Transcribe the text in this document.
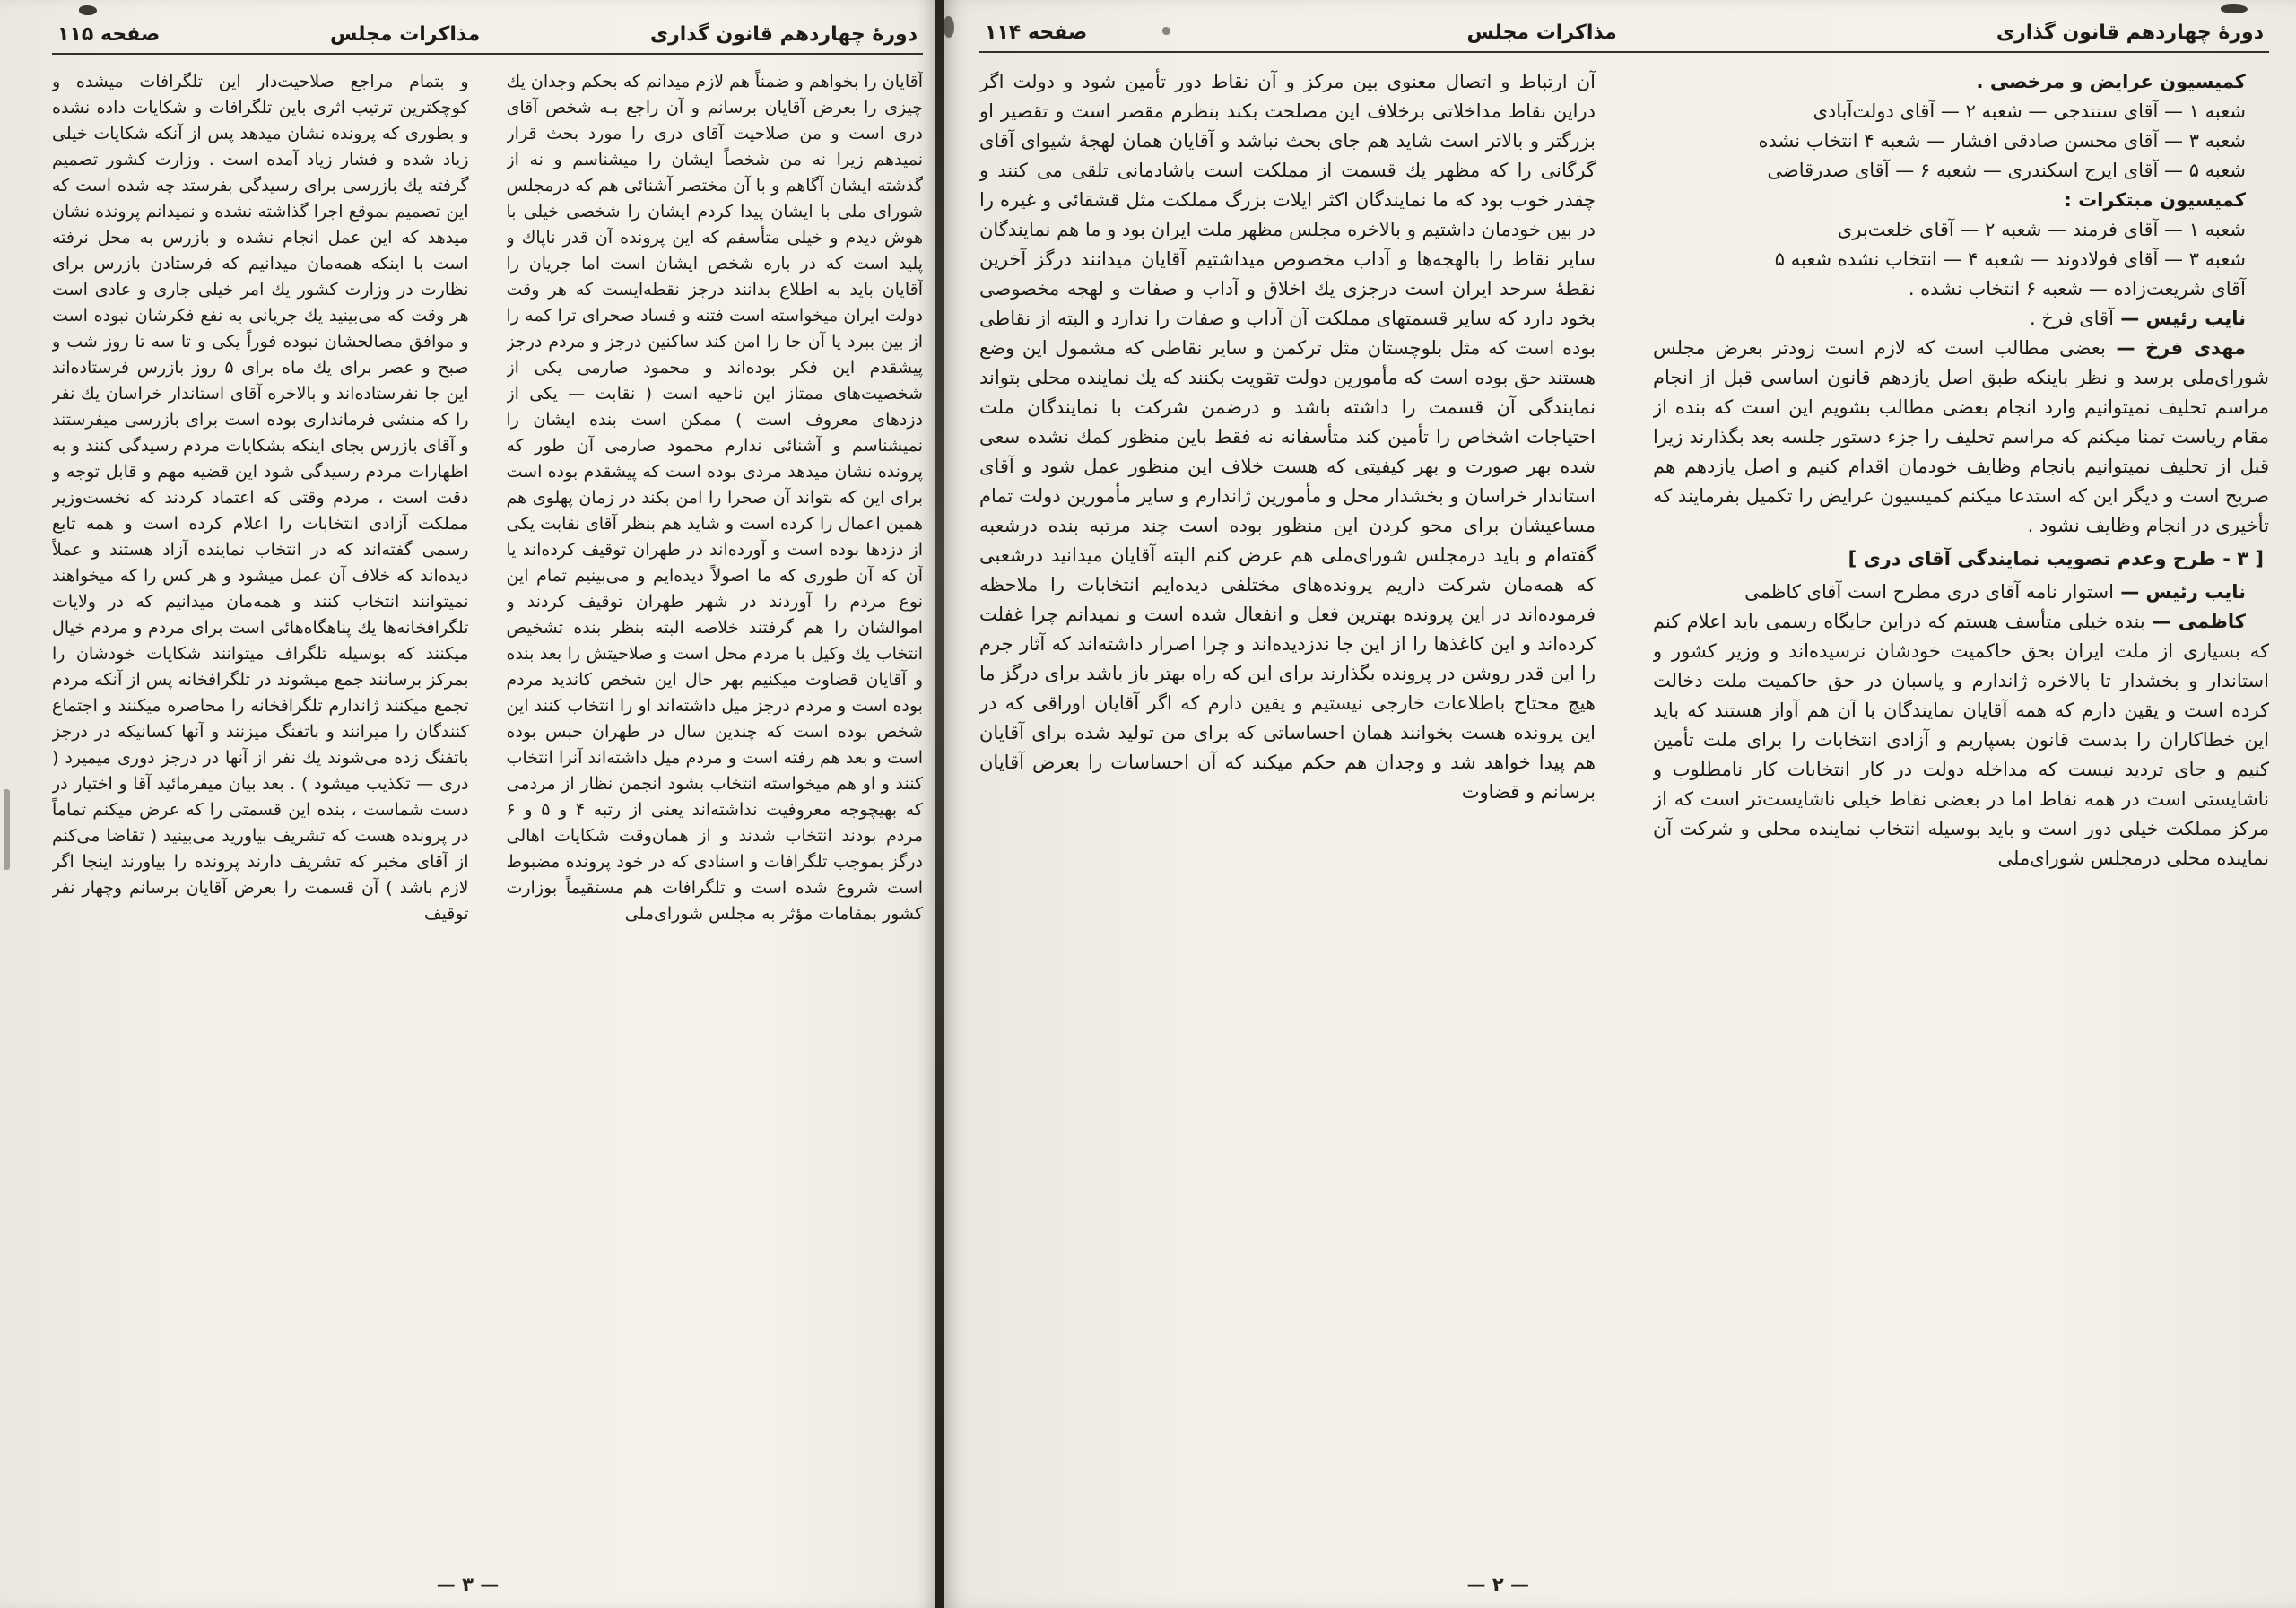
دورهٔ چهاردهم قانون گذاری
مذاکرات مجلس
صفحه ۱۱۵

آقایان را بخواهم و ضمناً هم لازم میدانم که بحکم وجدان یك چیزی را بعرض آقایان برسانم و آن راجع بـه شخص آقای دری است و من صلاحیت آقای دری را مورد بحث قرار نمیدهم زیرا نه من شخصاً ایشان را میشناسم و نه از گذشته ایشان آگاهم و با آن مختصر آشنائی هم که درمجلس شورای ملی با ایشان پیدا کردم ایشان را شخصی خیلی با هوش دیدم و خیلی متأسفم که این پرونده آن قدر ناپاك و پلید است که در باره شخص ایشان است اما جریان را آقایان باید به اطلاع بدانند درجز نقطه‌ایست که هر وقت دولت ایران میخواسته است فتنه و فساد صحرای ترا کمه را از بین ببرد یا آن جا را امن کند ساکنین درجز و مردم درجز پیشقدم این فکر بوده‌اند و محمود صارمی یکی از شخصیت‌های ممتاز این ناحیه است ( نقابت — یکی از دزدهای معروف است ) ممکن است بنده ایشان را نمیشناسم و آشنائی ندارم محمود صارمی آن طور که پرونده نشان میدهد مردی بوده است که پیشقدم بوده است برای این که بتواند آن صحرا را امن بکند در زمان پهلوی هم همین اعمال را کرده است و شاید هم بنظر آقای نقابت یکی از دزدها بوده است و آورده‌اند در طهران توقیف کرده‌اند یا آن که آن طوری که ما اصولاً دیده‌ایم و می‌بینیم تمام این نوع مردم را آوردند در شهر طهران توقیف کردند و اموالشان را هم گرفتند خلاصه البته بنظر بنده تشخیص انتخاب یك وکیل با مردم محل است و صلاحیتش را بعد بنده و آقایان قضاوت میکنیم بهر حال این شخص کاندید مردم بوده است و مردم درجز میل داشته‌اند او را انتخاب کنند این شخص بوده است که چندین سال در طهران حبس بوده است و بعد هم رفته است و مردم میل داشته‌اند آنرا انتخاب کنند و او هم میخواسته انتخاب بشود انجمن نظار از مردمی که بهیچوجه معروفیت نداشته‌اند یعنی از رتبه ۴ و ۵ و ۶ مردم بودند انتخاب شدند و از همان‌وقت شکایات اهالی درگز بموجب تلگرافات و اسنادی که در خود پرونده مضبوط است شروع شده است و تلگرافات هم مستقیماً بوزارت کشور بمقامات مؤثر به مجلس شورای‌ملی

و بتمام مراجع صلاحیت‌دار این تلگرافات میشده و کوچکترین ترتیب اثری باین تلگرافات و شکایات داده نشده و بطوری که پرونده نشان میدهد پس از آنکه شکایات خیلی زیاد شده و فشار زیاد آمده است . وزارت کشور تصمیم گرفته یك بازرسی برای رسیدگی بفرستد چه شده است که این تصمیم بموقع اجرا گذاشته نشده و نمیدانم پرونده نشان میدهد که این عمل انجام نشده و بازرس به محل نرفته است با اینکه همه‌مان میدانیم که فرستادن بازرس برای نظارت در وزارت کشور یك امر خیلی جاری و عادی است هر وقت که می‌بینید یك جریانی به نفع فکرشان نبوده است و موافق مصالحشان نبوده فوراً یکی و تا سه تا روز شب و صبح و عصر برای یك ماه برای ۵ روز بازرس فرستاده‌اند این جا نفرستاده‌اند و بالاخره آقای استاندار خراسان یك نفر را که منشی فرمانداری بوده است برای بازرسی میفرستند و آقای بازرس بجای اینکه بشکایات مردم رسیدگی کنند و به اظهارات مردم رسیدگی شود این قضیه مهم و قابل توجه و دقت است ، مردم وقتی که اعتماد کردند که نخست‌وزیر مملکت آزادی انتخابات را اعلام کرده است و همه تابع رسمی گفته‌اند که در انتخاب نماینده آزاد هستند و عملاً دیده‌اند که خلاف آن عمل میشود و هر کس را که میخواهند نمیتوانند انتخاب کنند و همه‌مان میدانیم که در ولایات تلگرافخانه‌ها یك پناهگاه‌هائی است برای مردم و مردم خیال میکنند که بوسیله تلگراف میتوانند شکایات خودشان را بمرکز برسانند جمع میشوند در تلگرافخانه پس از آنکه مردم تجمع میکنند ژاندارم تلگرافخانه را محاصره میکنند و اجتماع کنندگان را میرانند و باتفنگ میزنند و آنها کسانیکه در درجز باتفنگ زده می‌شوند یك نفر از آنها در درجز دوری میمیرد ( دری — تکذیب میشود ) . بعد بیان میفرمائید آقا و اختیار در دست شماست ، بنده این قسمتی را که عرض میکنم تماماً در پرونده هست که تشریف بیاورید می‌بینید ( تقاضا می‌کنم از آقای مخبر که تشریف دارند پرونده را بیاورند اینجا اگر لازم باشد ) آن قسمت را بعرض آقایان برسانم وچهار نفر توقیف

— ۳ —
دورهٔ چهاردهم قانون گذاری
مذاکرات مجلس
صفحه ۱۱۴

کمیسیون عرایض و مرخصی .

شعبه ۱ — آقای سنندجی — شعبه ۲ — آقای دولت‌آبادی

شعبه ۳ — آقای محسن صادقی افشار — شعبه ۴ انتخاب نشده

شعبه ۵ — آقای ایرج اسکندری — شعبه ۶ — آقای صدرقاضی

کمیسیون مبتکرات :

شعبه ۱ — آقای فرمند — شعبه ۲ — آقای خلعت‌بری

شعبه ۳ — آقای فولادوند — شعبه ۴ — انتخاب نشده شعبه ۵

آقای شریعت‌زاده — شعبه ۶ انتخاب نشده .

نایب رئیس — آقای فرخ .

مهدی فرخ — بعضی مطالب است که لازم است زودتر بعرض مجلس شورای‌ملی برسد و نظر باینکه طبق اصل یازدهم قانون اساسی قبل از انجام مراسم تحلیف نمیتوانیم وارد انجام بعضی مطالب بشویم این است که بنده از مقام ریاست تمنا میکنم که مراسم تحلیف را جزء دستور جلسه بعد بگذارند زیرا قبل از تحلیف نمیتوانیم بانجام وظایف خودمان اقدام کنیم و اصل یازدهم هم صریح است و دیگر این که استدعا میکنم کمیسیون عرایض را تکمیل بفرمایند که تأخیری در انجام وظایف نشود .

[ ۳ - طرح وعدم تصویب نمایندگی آقای دری ]

نایب رئیس — استوار نامه آقای دری مطرح است آقای کاظمی

کاظمی — بنده خیلی متأسف هستم که دراین جایگاه رسمی باید اعلام کنم که بسیاری از ملت ایران بحق حاکمیت خودشان نرسیده‌اند و وزیر کشور و استاندار و بخشدار تا بالاخره ژاندارم و پاسبان در حق حاکمیت ملت دخالت کرده است و یقین دارم که همه آقایان نمایندگان با آن هم آواز هستند که باید این خطاکاران را بدست قانون بسپاریم و آزادی انتخابات را برای ملت تأمین کنیم و جای تردید نیست که مداخله دولت در کار انتخابات کار نامطلوب و ناشایستی است در همه نقاط اما در بعضی نقاط خیلی ناشایست‌تر است که از مرکز مملکت خیلی دور است و باید بوسیله انتخاب نماینده محلی و شرکت آن نماینده محلی درمجلس شورای‌ملی

آن ارتباط و اتصال معنوی بین مرکز و آن نقاط دور تأمین شود و دولت اگر دراین نقاط مداخلاتی برخلاف این مصلحت بکند بنظرم مقصر است و تقصیر او بزرگتر و بالاتر است شاید هم جای بحث نباشد و آقایان همان لهجهٔ شیوای آقای گرگانی را که مظهر یك قسمت از مملکت است باشادمانی تلقی می کنند و چقدر خوب بود که ما نمایندگان اکثر ایلات بزرگ مملکت مثل قشقائی و غیره را در بین خودمان داشتیم و بالاخره مجلس مظهر ملت ایران بود و ما هم نمایندگان سایر نقاط را بالهجه‌ها و آداب مخصوص میداشتیم آقایان میدانند درگز آخرین نقطهٔ سرحد ایران است درجزی یك اخلاق و آداب و صفات و لهجه مخصوصی بخود دارد که سایر قسمتهای مملکت آن آداب و صفات را ندارد و البته از نقاطی بوده است که مثل بلوچستان مثل ترکمن و سایر نقاطی که مشمول این وضع هستند حق بوده است که مأمورین دولت تقویت بکنند که یك نماینده محلی بتواند نمایندگی آن قسمت را داشته باشد و درضمن شرکت با نمایندگان ملت احتیاجات اشخاص را تأمین کند متأسفانه نه فقط باین منظور کمك نشده سعی شده بهر صورت و بهر کیفیتی که هست خلاف این منظور عمل شود و آقای استاندار خراسان و بخشدار محل و مأمورین ژاندارم و سایر مأمورین دولت تمام مساعیشان برای محو کردن این منظور بوده است چند مرتبه بنده درشعبه گفته‌ام و باید درمجلس شورای‌ملی هم عرض کنم البته آقایان میدانید درشعبی که همه‌مان شرکت داریم پرونده‌های مختلفی دیده‌ایم انتخابات را ملاحظه فرموده‌اند در این پرونده بهترین فعل و انفعال شده است و نمیدانم چرا غفلت کرده‌اند و این کاغذها را از این جا ندزدیده‌اند و چرا اصرار داشته‌اند که آثار جرم را این قدر روشن در پرونده بگذارند برای این که راه بهتر باز باشد برای درگز ما هیچ محتاج باطلاعات خارجی نیستیم و یقین دارم که اگر آقایان اوراقی که در این پرونده هست بخوانند همان احساساتی که برای من تولید شده برای آقایان هم پیدا خواهد شد و وجدان هم حکم میکند که آن احساسات را بعرض آقایان برسانم و قضاوت

— ۲ —
